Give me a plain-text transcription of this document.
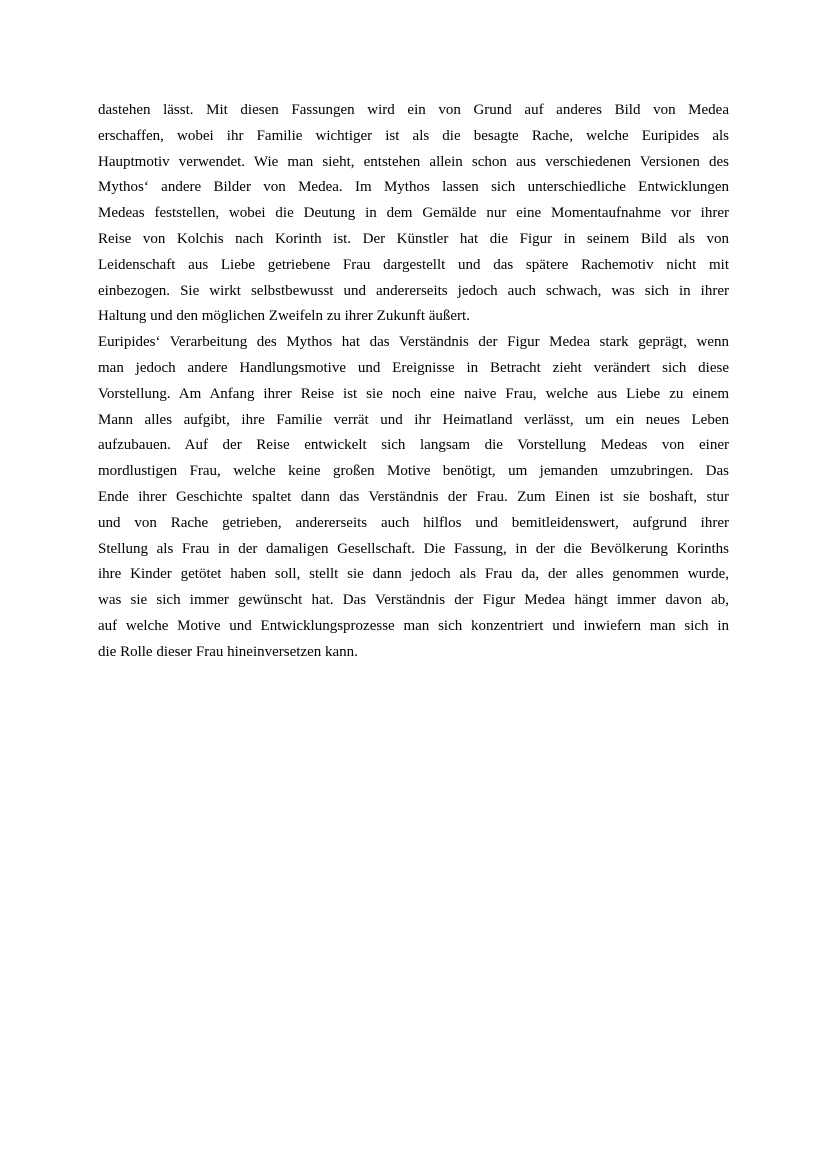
dastehen lässt. Mit diesen Fassungen wird ein von Grund auf anderes Bild von Medea
erschaffen, wobei ihr Familie wichtiger ist als die besagte Rache, welche Euripides als
Hauptmotiv verwendet. Wie man sieht, entstehen allein schon aus verschiedenen Versionen des
Mythos‘ andere Bilder von Medea. Im Mythos lassen sich unterschiedliche Entwicklungen
Medeas feststellen, wobei die Deutung in dem Gemälde nur eine Momentaufnahme vor ihrer
Reise von Kolchis nach Korinth ist. Der Künstler hat die Figur in seinem Bild als von
Leidenschaft aus Liebe getriebene Frau dargestellt und das spätere Rachemotiv nicht mit
einbezogen. Sie wirkt selbstbewusst und andererseits jedoch auch schwach, was sich in ihrer
Haltung und den möglichen Zweifeln zu ihrer Zukunft äußert.
Euripides‘ Verarbeitung des Mythos hat das Verständnis der Figur Medea stark geprägt, wenn
man jedoch andere Handlungsmotive und Ereignisse in Betracht zieht verändert sich diese
Vorstellung. Am Anfang ihrer Reise ist sie noch eine naive Frau, welche aus Liebe zu einem
Mann alles aufgibt, ihre Familie verrät und ihr Heimatland verlässt, um ein neues Leben
aufzubauen. Auf der Reise entwickelt sich langsam die Vorstellung Medeas von einer
mordlustigen Frau, welche keine großen Motive benötigt, um jemanden umzubringen. Das
Ende ihrer Geschichte spaltet dann das Verständnis der Frau. Zum Einen ist sie boshaft, stur
und von Rache getrieben, andererseits auch hilflos und bemitleidenswert, aufgrund ihrer
Stellung als Frau in der damaligen Gesellschaft. Die Fassung, in der die Bevölkerung Korinths
ihre Kinder getötet haben soll, stellt sie dann jedoch als Frau da, der alles genommen wurde,
was sie sich immer gewünscht hat. Das Verständnis der Figur Medea hängt immer davon ab,
auf welche Motive und Entwicklungsprozesse man sich konzentriert und inwiefern man sich in
die Rolle dieser Frau hineinversetzen kann.
